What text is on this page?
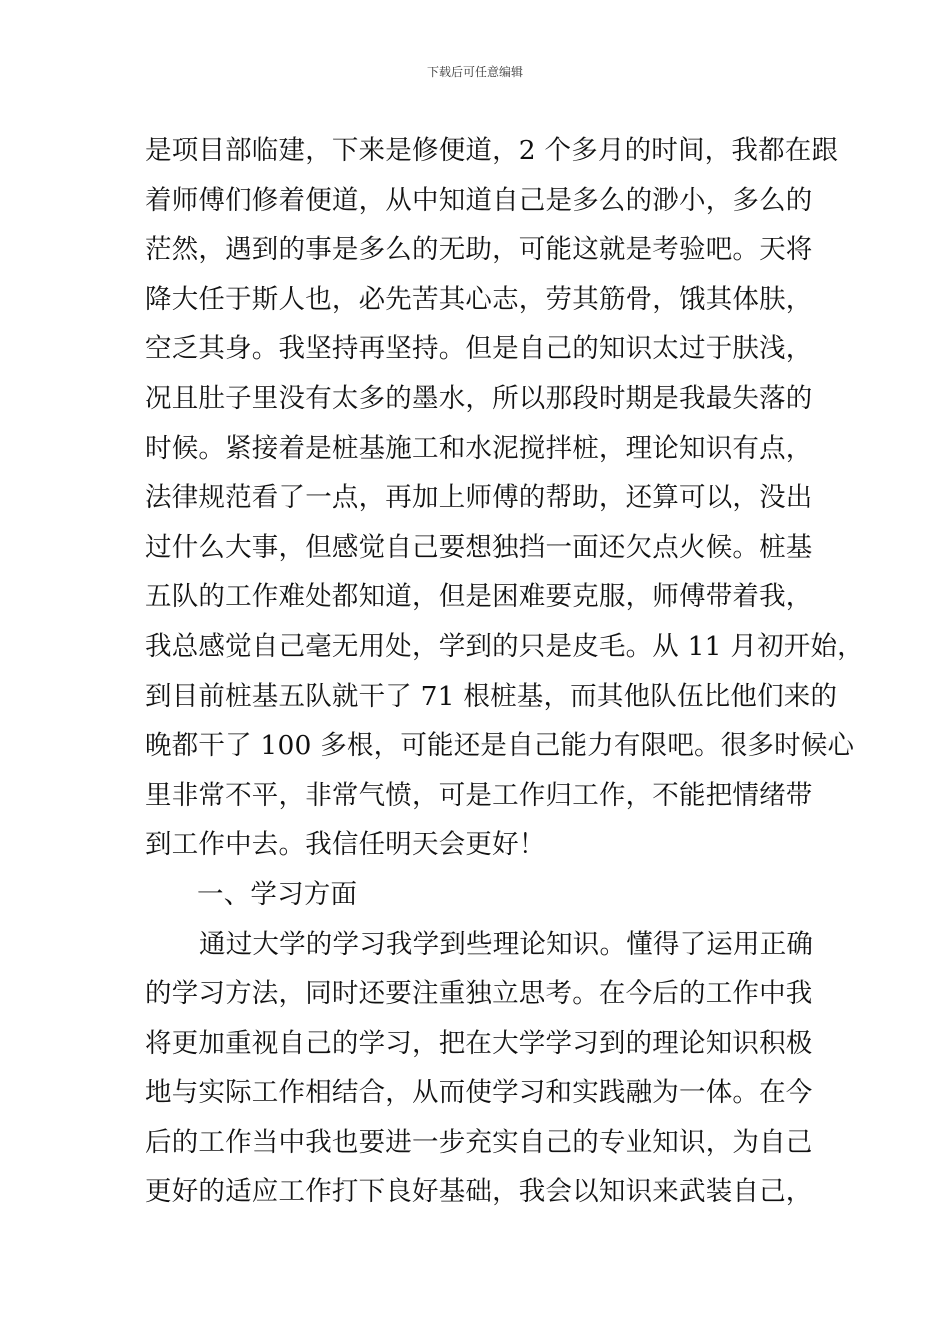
下载后可任意编辑
是项目部临建，下来是修便道，2 个多月的时间，我都在跟
着师傅们修着便道，从中知道自己是多么的渺小，多么的
茫然，遇到的事是多么的无助，可能这就是考验吧。天将
降大任于斯人也，必先苦其心志，劳其筋骨，饿其体肤，
空乏其身。我坚持再坚持。但是自己的知识太过于肤浅，
况且肚子里没有太多的墨水，所以那段时期是我最失落的
时候。紧接着是桩基施工和水泥搅拌桩，理论知识有点，
法律规范看了一点，再加上师傅的帮助，还算可以，没出
过什么大事，但感觉自己要想独挡一面还欠点火候。桩基
五队的工作难处都知道，但是困难要克服，师傅带着我，
我总感觉自己毫无用处，学到的只是皮毛。从 11 月初开始，
到目前桩基五队就干了 71 根桩基，而其他队伍比他们来的
晚都干了 100 多根，可能还是自己能力有限吧。很多时候心
里非常不平，非常气愤，可是工作归工作，不能把情绪带
到工作中去。我信任明天会更好！
一、学习方面
通过大学的学习我学到些理论知识。懂得了运用正确
的学习方法，同时还要注重独立思考。在今后的工作中我
将更加重视自己的学习，把在大学学习到的理论知识积极
地与实际工作相结合，从而使学习和实践融为一体。在今
后的工作当中我也要进一步充实自己的专业知识，为自己
更好的适应工作打下良好基础，我会以知识来武装自己，
